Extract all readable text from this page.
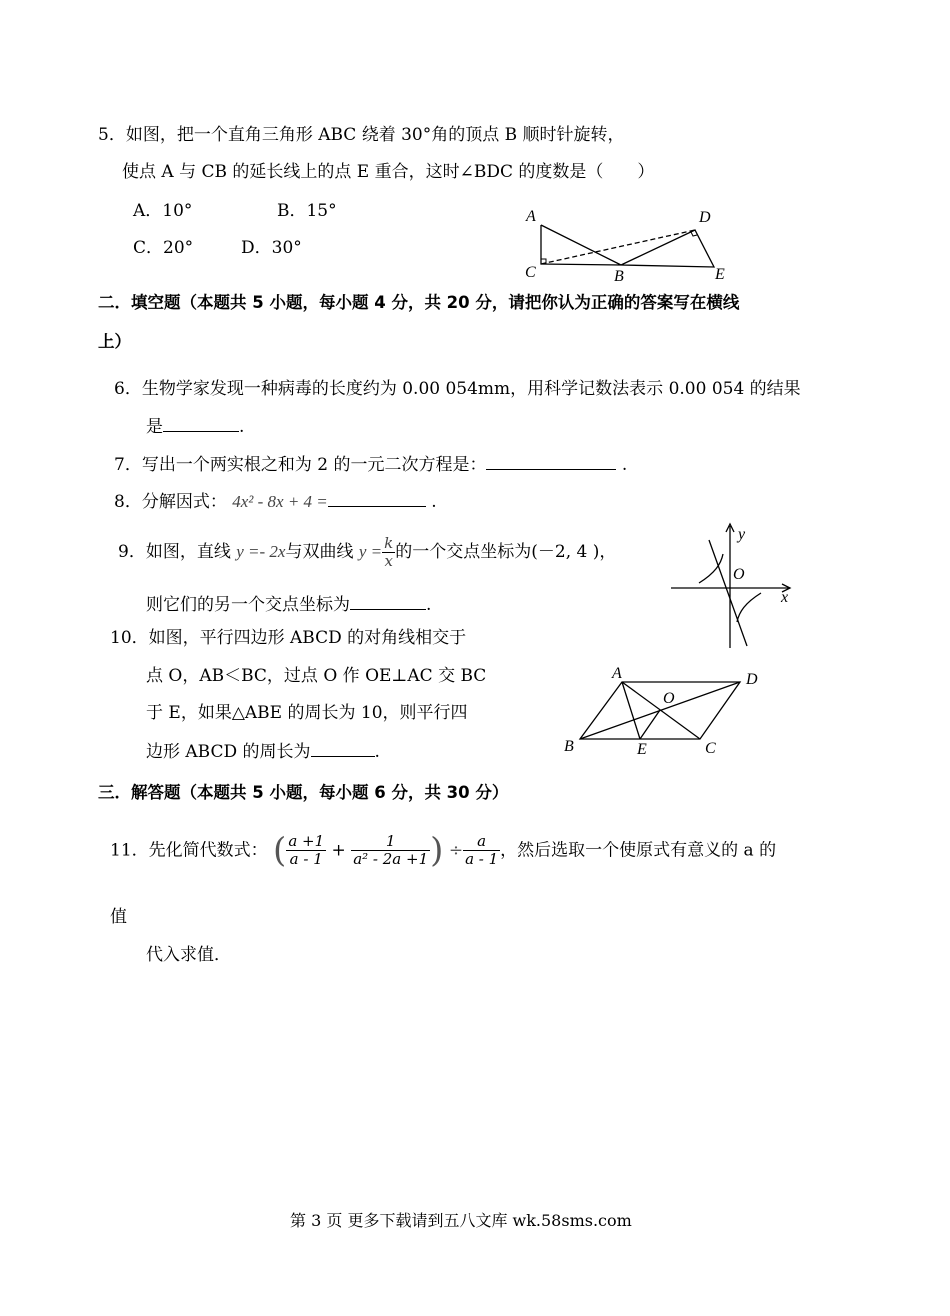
5．如图，把一个直角三角形 ABC 绕着 30°角的顶点 B 顺时针旋转，
使点 A 与 CB 的延长线上的点 E 重合，这时∠BDC 的度数是（　　）
A．10°	B．15°
C．20°	D．30°
A	D
C	B	E
二．填空题（本题共 5 小题，每小题 4 分，共 20 分，请把你认为正确的答案写在横线
上）
6．生物学家发现一种病毒的长度约为 0.00 054mm，用科学记数法表示 0.00 054 的结果
是	.
7．写出一个两实根之和为 2 的一元二次方程是：	.
8．分解因式： 4x² - 8x + 4 =	.
9．如图，直线 y =- 2x与双曲线 $y = \frac{k}{x}$ 的一个交点坐标为(－2, 4 )，
则它们的另一个交点坐标为	.
y
O
x
10．如图，平行四边形 ABCD 的对角线相交于
点 O，AB＜BC，过点 O 作 OE⊥AC 交 BC
于 E，如果△ABE 的周长为 10，则平行四
边形 ABCD 的周长为	.
A	D
O
B	E	C
三．解答题（本题共 5 小题，每小题 6 分，共 30 分）
11．先化简代数式： ( $\frac{a +1}{a - 1} + \frac{1}{\text{a² - 2a +1}}$ ) ÷ $\frac{a}{a - 1}$ ，然后选取一个使原式有意义的 a 的
值
代入求值．
第 3 页 更多下载请到五八文库 wk.58sms.com
